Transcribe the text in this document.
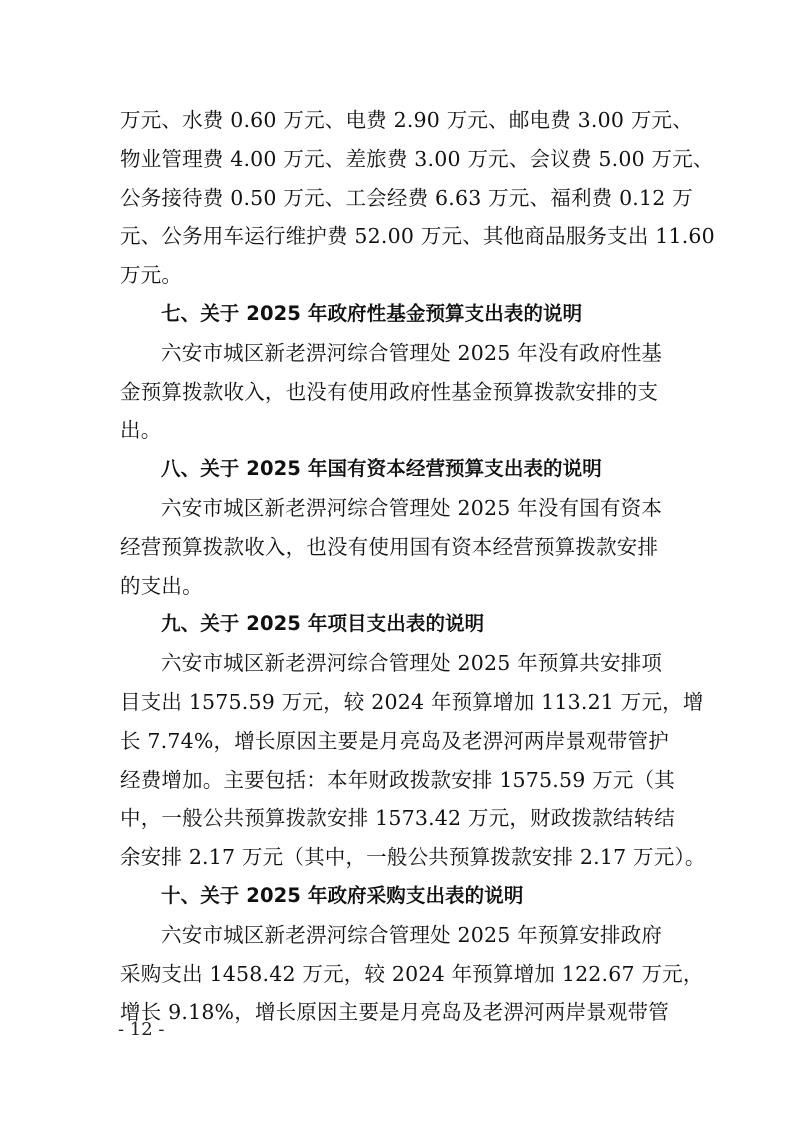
万元、水费 0.60 万元、电费 2.90 万元、邮电费 3.00 万元、
物业管理费 4.00 万元、差旅费 3.00 万元、会议费 5.00 万元、
公务接待费 0.50 万元、工会经费 6.63 万元、福利费 0.12 万
元、公务用车运行维护费 52.00 万元、其他商品服务支出 11.60
万元。
七、关于 2025 年政府性基金预算支出表的说明
六安市城区新老淠河综合管理处 2025 年没有政府性基
金预算拨款收入，也没有使用政府性基金预算拨款安排的支
出。
八、关于 2025 年国有资本经营预算支出表的说明
六安市城区新老淠河综合管理处 2025 年没有国有资本
经营预算拨款收入，也没有使用国有资本经营预算拨款安排
的支出。
九、关于 2025 年项目支出表的说明
六安市城区新老淠河综合管理处 2025 年预算共安排项
目支出 1575.59 万元，较 2024 年预算增加 113.21 万元，增
长 7.74%，增长原因主要是月亮岛及老淠河两岸景观带管护
经费增加。主要包括：本年财政拨款安排 1575.59 万元（其
中，一般公共预算拨款安排 1573.42 万元，财政拨款结转结
余安排 2.17 万元（其中，一般公共预算拨款安排 2.17 万元）。
十、关于 2025 年政府采购支出表的说明
六安市城区新老淠河综合管理处 2025 年预算安排政府
采购支出 1458.42 万元，较 2024 年预算增加 122.67 万元，
增长 9.18%，增长原因主要是月亮岛及老淠河两岸景观带管
- 12 -
